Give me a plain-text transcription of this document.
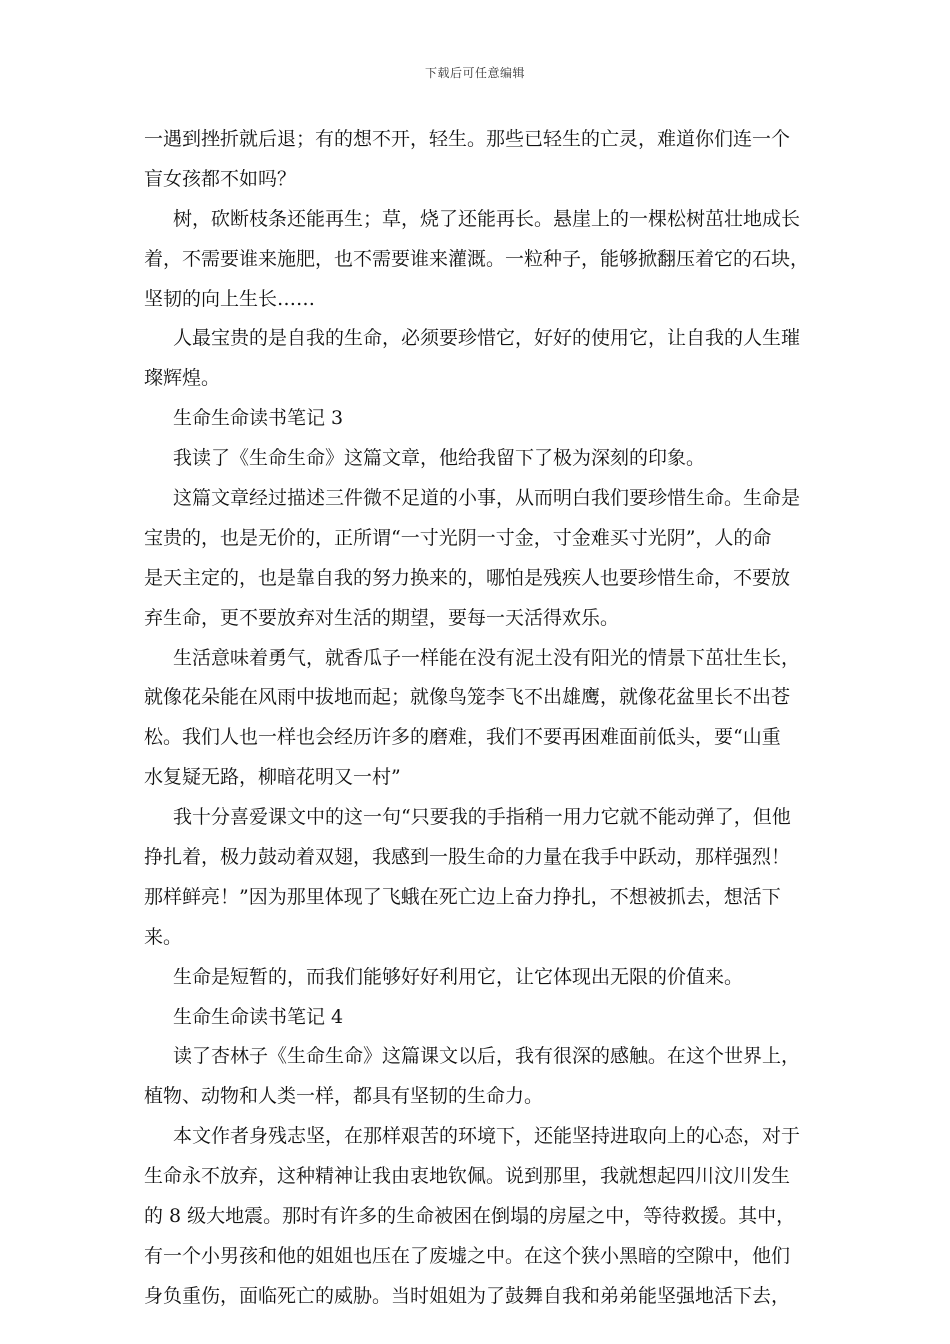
下载后可任意编辑
一遇到挫折就后退；有的想不开，轻生。那些已轻生的亡灵，难道你们连一个
盲女孩都不如吗？
树，砍断枝条还能再生；草，烧了还能再长。悬崖上的一棵松树茁壮地成长
着，不需要谁来施肥，也不需要谁来灌溉。一粒种子，能够掀翻压着它的石块，
坚韧的向上生长……
人最宝贵的是自我的生命，必须要珍惜它，好好的使用它，让自我的人生璀
璨辉煌。
生命生命读书笔记 3
我读了《生命生命》这篇文章，他给我留下了极为深刻的印象。
这篇文章经过描述三件微不足道的小事，从而明白我们要珍惜生命。生命是
宝贵的，也是无价的，正所谓“一寸光阴一寸金，寸金难买寸光阴”，人的命
是天主定的，也是靠自我的努力换来的，哪怕是残疾人也要珍惜生命，不要放
弃生命，更不要放弃对生活的期望，要每一天活得欢乐。
生活意味着勇气，就香瓜子一样能在没有泥土没有阳光的情景下茁壮生长，
就像花朵能在风雨中拔地而起；就像鸟笼李飞不出雄鹰，就像花盆里长不出苍
松。我们人也一样也会经历许多的磨难，我们不要再困难面前低头，要“山重
水复疑无路，柳暗花明又一村”
我十分喜爱课文中的这一句“只要我的手指稍一用力它就不能动弹了，但他
挣扎着，极力鼓动着双翅，我感到一股生命的力量在我手中跃动，那样强烈！
那样鲜亮！”因为那里体现了飞蛾在死亡边上奋力挣扎，不想被抓去，想活下
来。
生命是短暂的，而我们能够好好利用它，让它体现出无限的价值来。
生命生命读书笔记 4
读了杏林子《生命生命》这篇课文以后，我有很深的感触。在这个世界上，
植物、动物和人类一样，都具有坚韧的生命力。
本文作者身残志坚，在那样艰苦的环境下，还能坚持进取向上的心态，对于
生命永不放弃，这种精神让我由衷地钦佩。说到那里，我就想起四川汶川发生
的 8 级大地震。那时有许多的生命被困在倒塌的房屋之中，等待救援。其中，
有一个小男孩和他的姐姐也压在了废墟之中。在这个狭小黑暗的空隙中，他们
身负重伤，面临死亡的威胁。当时姐姐为了鼓舞自我和弟弟能坚强地活下去，
